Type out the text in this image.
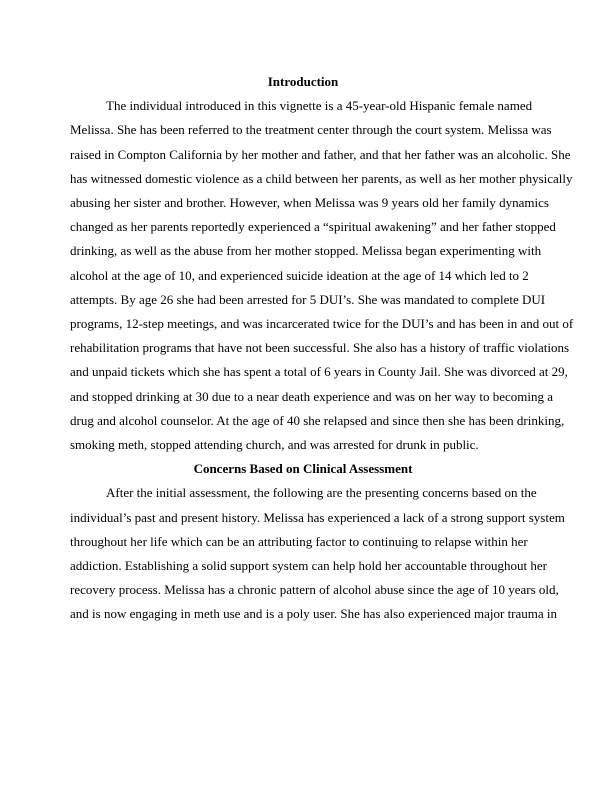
Introduction

The individual introduced in this vignette is a 45-year-old Hispanic female named
Melissa. She has been referred to the treatment center through the court system. Melissa was
raised in Compton California by her mother and father, and that her father was an alcoholic. She
has witnessed domestic violence as a child between her parents, as well as her mother physically
abusing her sister and brother. However, when Melissa was 9 years old her family dynamics
changed as her parents reportedly experienced a “spiritual awakening” and her father stopped
drinking, as well as the abuse from her mother stopped. Melissa began experimenting with
alcohol at the age of 10, and experienced suicide ideation at the age of 14 which led to 2
attempts. By age 26 she had been arrested for 5 DUI’s. She was mandated to complete DUI
programs, 12-step meetings, and was incarcerated twice for the DUI’s and has been in and out of
rehabilitation programs that have not been successful. She also has a history of traffic violations
and unpaid tickets which she has spent a total of 6 years in County Jail. She was divorced at 29,
and stopped drinking at 30 due to a near death experience and was on her way to becoming a
drug and alcohol counselor. At the age of 40 she relapsed and since then she has been drinking,
smoking meth, stopped attending church, and was arrested for drunk in public.

Concerns Based on Clinical Assessment

After the initial assessment, the following are the presenting concerns based on the
individual’s past and present history. Melissa has experienced a lack of a strong support system
throughout her life which can be an attributing factor to continuing to relapse within her
addiction. Establishing a solid support system can help hold her accountable throughout her
recovery process. Melissa has a chronic pattern of alcohol abuse since the age of 10 years old,
and is now engaging in meth use and is a poly user. She has also experienced major trauma in
